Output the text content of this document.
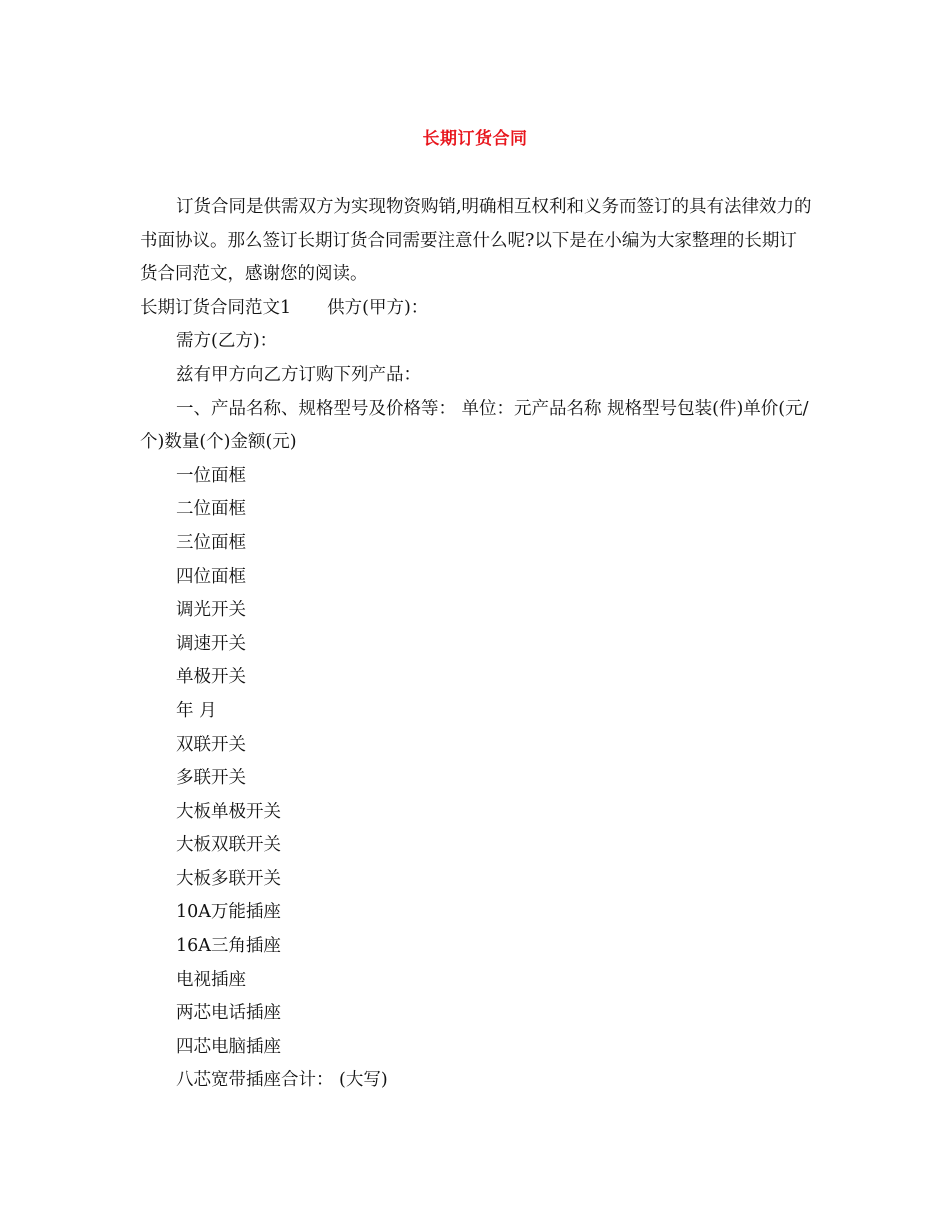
长期订货合同

订货合同是供需双方为实现物资购销,明确相互权利和义务而签订的具有法律效力的书面协议。那么签订长期订货合同需要注意什么呢?以下是在小编为大家整理的长期订货合同范文，感谢您的阅读。

长期订货合同范文1 供方(甲方)：

需方(乙方)：

兹有甲方向乙方订购下列产品：

一、产品名称、规格型号及价格等： 单位：元产品名称 规格型号包装(件)单价(元/个)数量(个)金额(元)

一位面框

二位面框

三位面框

四位面框

调光开关

调速开关

单极开关

年 月

双联开关

多联开关

大板单极开关

大板双联开关

大板多联开关

10A万能插座

16A三角插座

电视插座

两芯电话插座

四芯电脑插座

八芯宽带插座合计： (大写)
